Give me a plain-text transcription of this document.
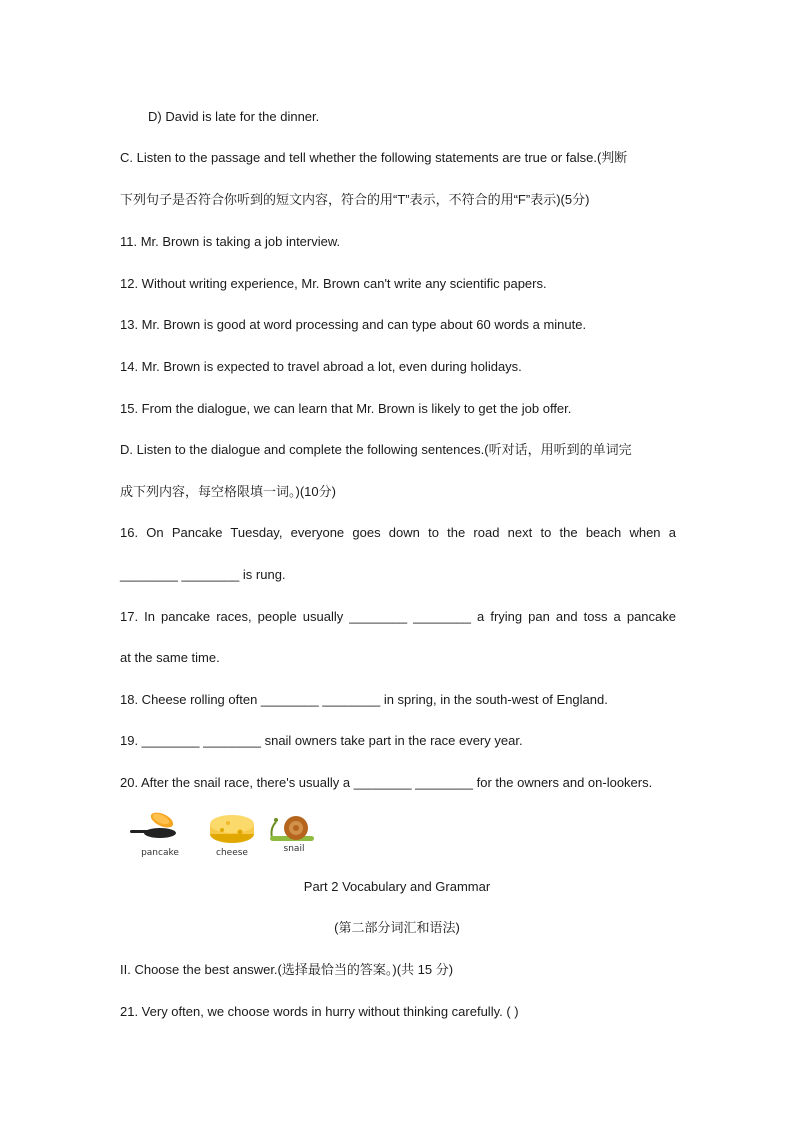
D) David is late for the dinner.
C. Listen to the passage and tell whether the following statements are true or false.(判断
下列句子是否符合你听到的短文内容，符合的用“T”表示，不符合的用“F”表示)(5分)
11. Mr. Brown is taking a job interview.
12. Without writing experience, Mr. Brown can't write any scientific papers.
13. Mr. Brown is good at word processing and can type about 60 words a minute.
14. Mr. Brown is expected to travel abroad a lot, even during holidays.
15. From the dialogue, we can learn that Mr. Brown is likely to get the job offer.
D. Listen to the dialogue and complete the following sentences.(听对话，用听到的单词完
成下列内容，每空格限填一词。)(10分)
16. On Pancake Tuesday, everyone goes down to the road next to the beach when a
________ ________ is rung.
17. In pancake races, people usually ________ ________ a frying pan and toss a pancake
at the same time.
18. Cheese rolling often ________ ________ in spring, in the south-west of England.
19. ________ ________ snail owners take part in the race every year.
20. After the snail race, there's usually a ________ ________ for the owners and on-lookers.
pancake	cheese	snail
Part 2 Vocabulary and Grammar
(第二部分词汇和语法)
II. Choose the best answer.(选择最恰当的答案。)(共 15 分)
21. Very often, we choose words in hurry without thinking carefully. ( )
